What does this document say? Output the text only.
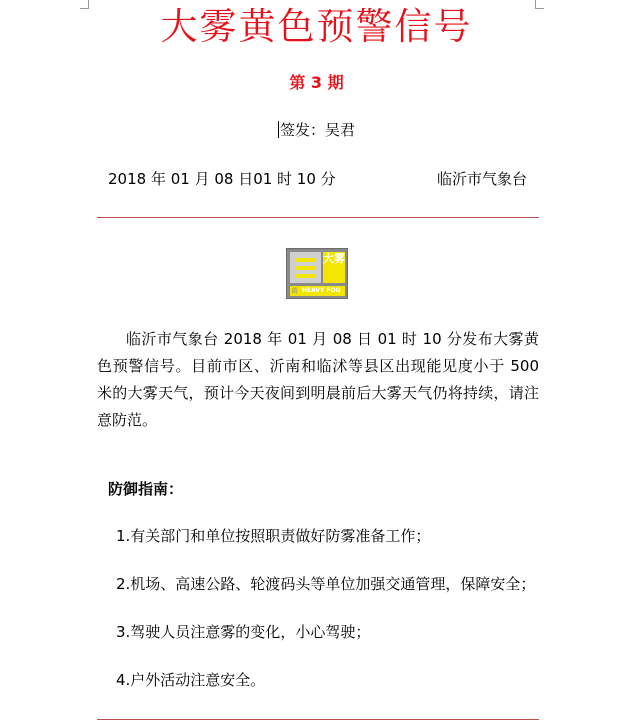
大雾黄色预警信号
第 3 期
签发：吴君
2018 年 01 月 08 日01 时 10 分	临沂市气象台
大雾
黄 HEAVY FOG
临沂市气象台 2018 年 01 月 08 日 01 时 10 分发布大雾黄色预警信号。目前市区、沂南和临沭等县区出现能见度小于 500 米的大雾天气，预计今天夜间到明晨前后大雾天气仍将持续，请注意防范。
防御指南：
1.有关部门和单位按照职责做好防雾准备工作；
2.机场、高速公路、轮渡码头等单位加强交通管理，保障安全；
3.驾驶人员注意雾的变化，小心驾驶；
4.户外活动注意安全。
